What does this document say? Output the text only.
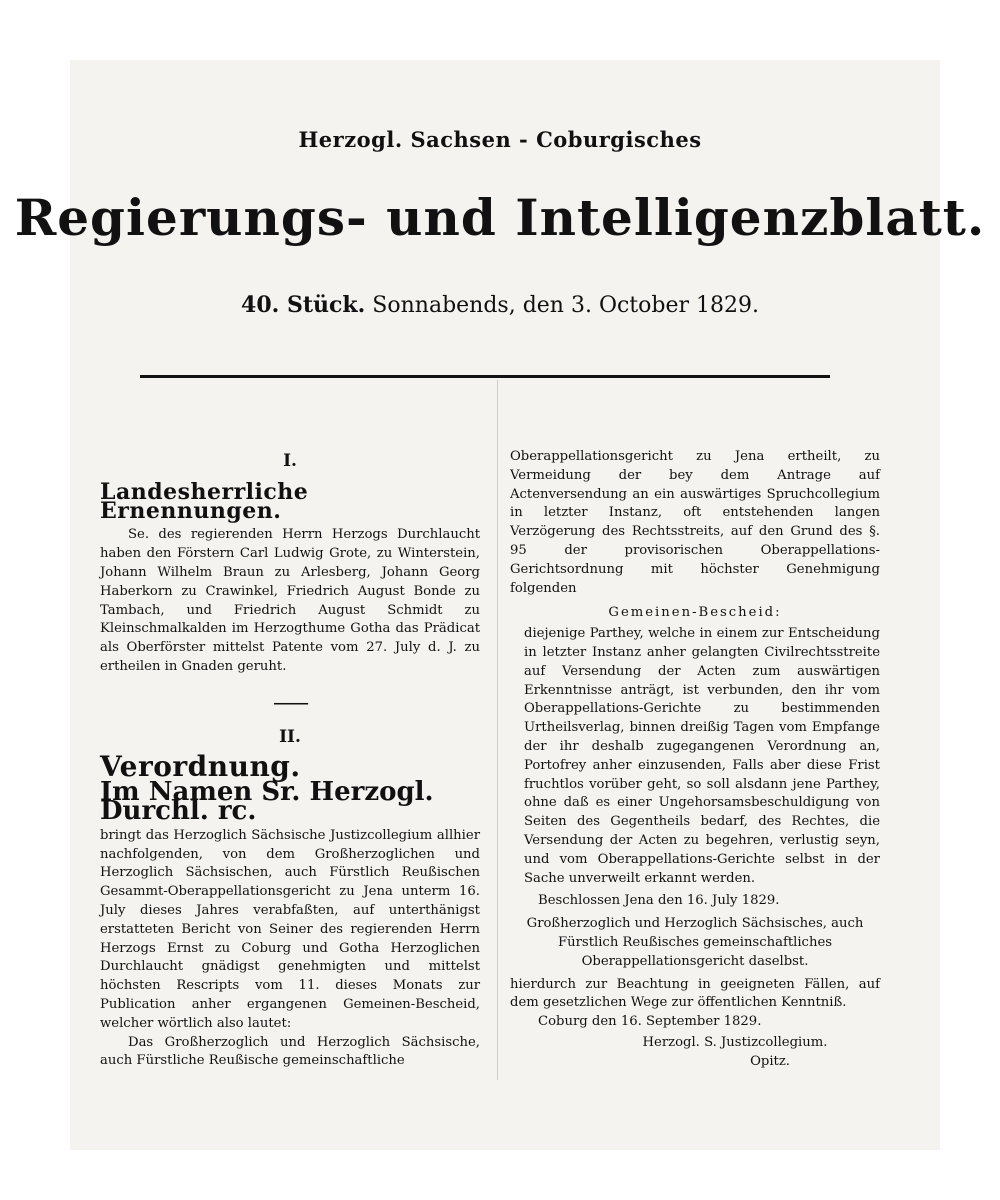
Herzogl. Sachsen - Coburgisches
Regierungs- und Intelligenzblatt.
40. Stück. Sonnabends, den 3. October 1829.
I.
Landesherrliche Ernennungen.

Se. des regierenden Herrn Herzogs Durchlaucht haben den Förstern Carl Ludwig Grote, zu Winterstein, Johann Wilhelm Braun zu Arlesberg, Johann Georg Haberkorn zu Crawinkel, Friedrich August Bonde zu Tambach, und Friedrich August Schmidt zu Kleinschmalkalden im Herzogthume Gotha das Prädicat als Oberförster mittelst Patente vom 27. July d. J. zu ertheilen in Gnaden geruht.

———
II.
Verordnung.
Im Namen Sr. Herzogl. Durchl. rc.

bringt das Herzoglich Sächsische Justizcollegium allhier nachfolgenden, von dem Großherzoglichen und Herzoglich Sächsischen, auch Fürstlich Reußischen Gesammt-Oberappellationsgericht zu Jena unterm 16. July dieses Jahres verabfaßten, auf unterthänigst erstatteten Bericht von Seiner des regierenden Herrn Herzogs Ernst zu Coburg und Gotha Herzoglichen Durchlaucht gnädigst genehmigten und mittelst höchsten Rescripts vom 11. dieses Monats zur Publication anher ergangenen Gemeinen-Bescheid, welcher wörtlich also lautet:

Das Großherzoglich und Herzoglich Sächsische, auch Fürstliche Reußische gemeinschaftliche

Oberappellationsgericht zu Jena ertheilt, zu Vermeidung der bey dem Antrage auf Actenversendung an ein auswärtiges Spruchcollegium in letzter Instanz, oft entstehenden langen Verzögerung des Rechtsstreits, auf den Grund des §. 95 der provisorischen Oberappellations-Gerichtsordnung mit höchster Genehmigung folgenden

Gemeinen-Bescheid:

diejenige Parthey, welche in einem zur Entscheidung in letzter Instanz anher gelangten Civilrechtsstreite auf Versendung der Acten zum auswärtigen Erkenntnisse anträgt, ist verbunden, den ihr vom Oberappellations-Gerichte zu bestimmenden Urtheilsverlag, binnen dreißig Tagen vom Empfange der ihr deshalb zugegangenen Verordnung an, Portofrey anher einzusenden, Falls aber diese Frist fruchtlos vorüber geht, so soll alsdann jene Parthey, ohne daß es einer Ungehorsamsbeschuldigung von Seiten des Gegentheils bedarf, des Rechtes, die Versendung der Acten zu begehren, verlustig seyn, und vom Oberappellations-Gerichte selbst in der Sache unverweilt erkannt werden.

Beschlossen Jena den 16. July 1829.

Großherzoglich und Herzoglich Sächsisches, auch Fürstlich Reußisches gemeinschaftliches Oberappellationsgericht daselbst.

hierdurch zur Beachtung in geeigneten Fällen, auf dem gesetzlichen Wege zur öffentlichen Kenntniß.

Coburg den 16. September 1829.

Herzogl. S. Justizcollegium.
Opitz.
